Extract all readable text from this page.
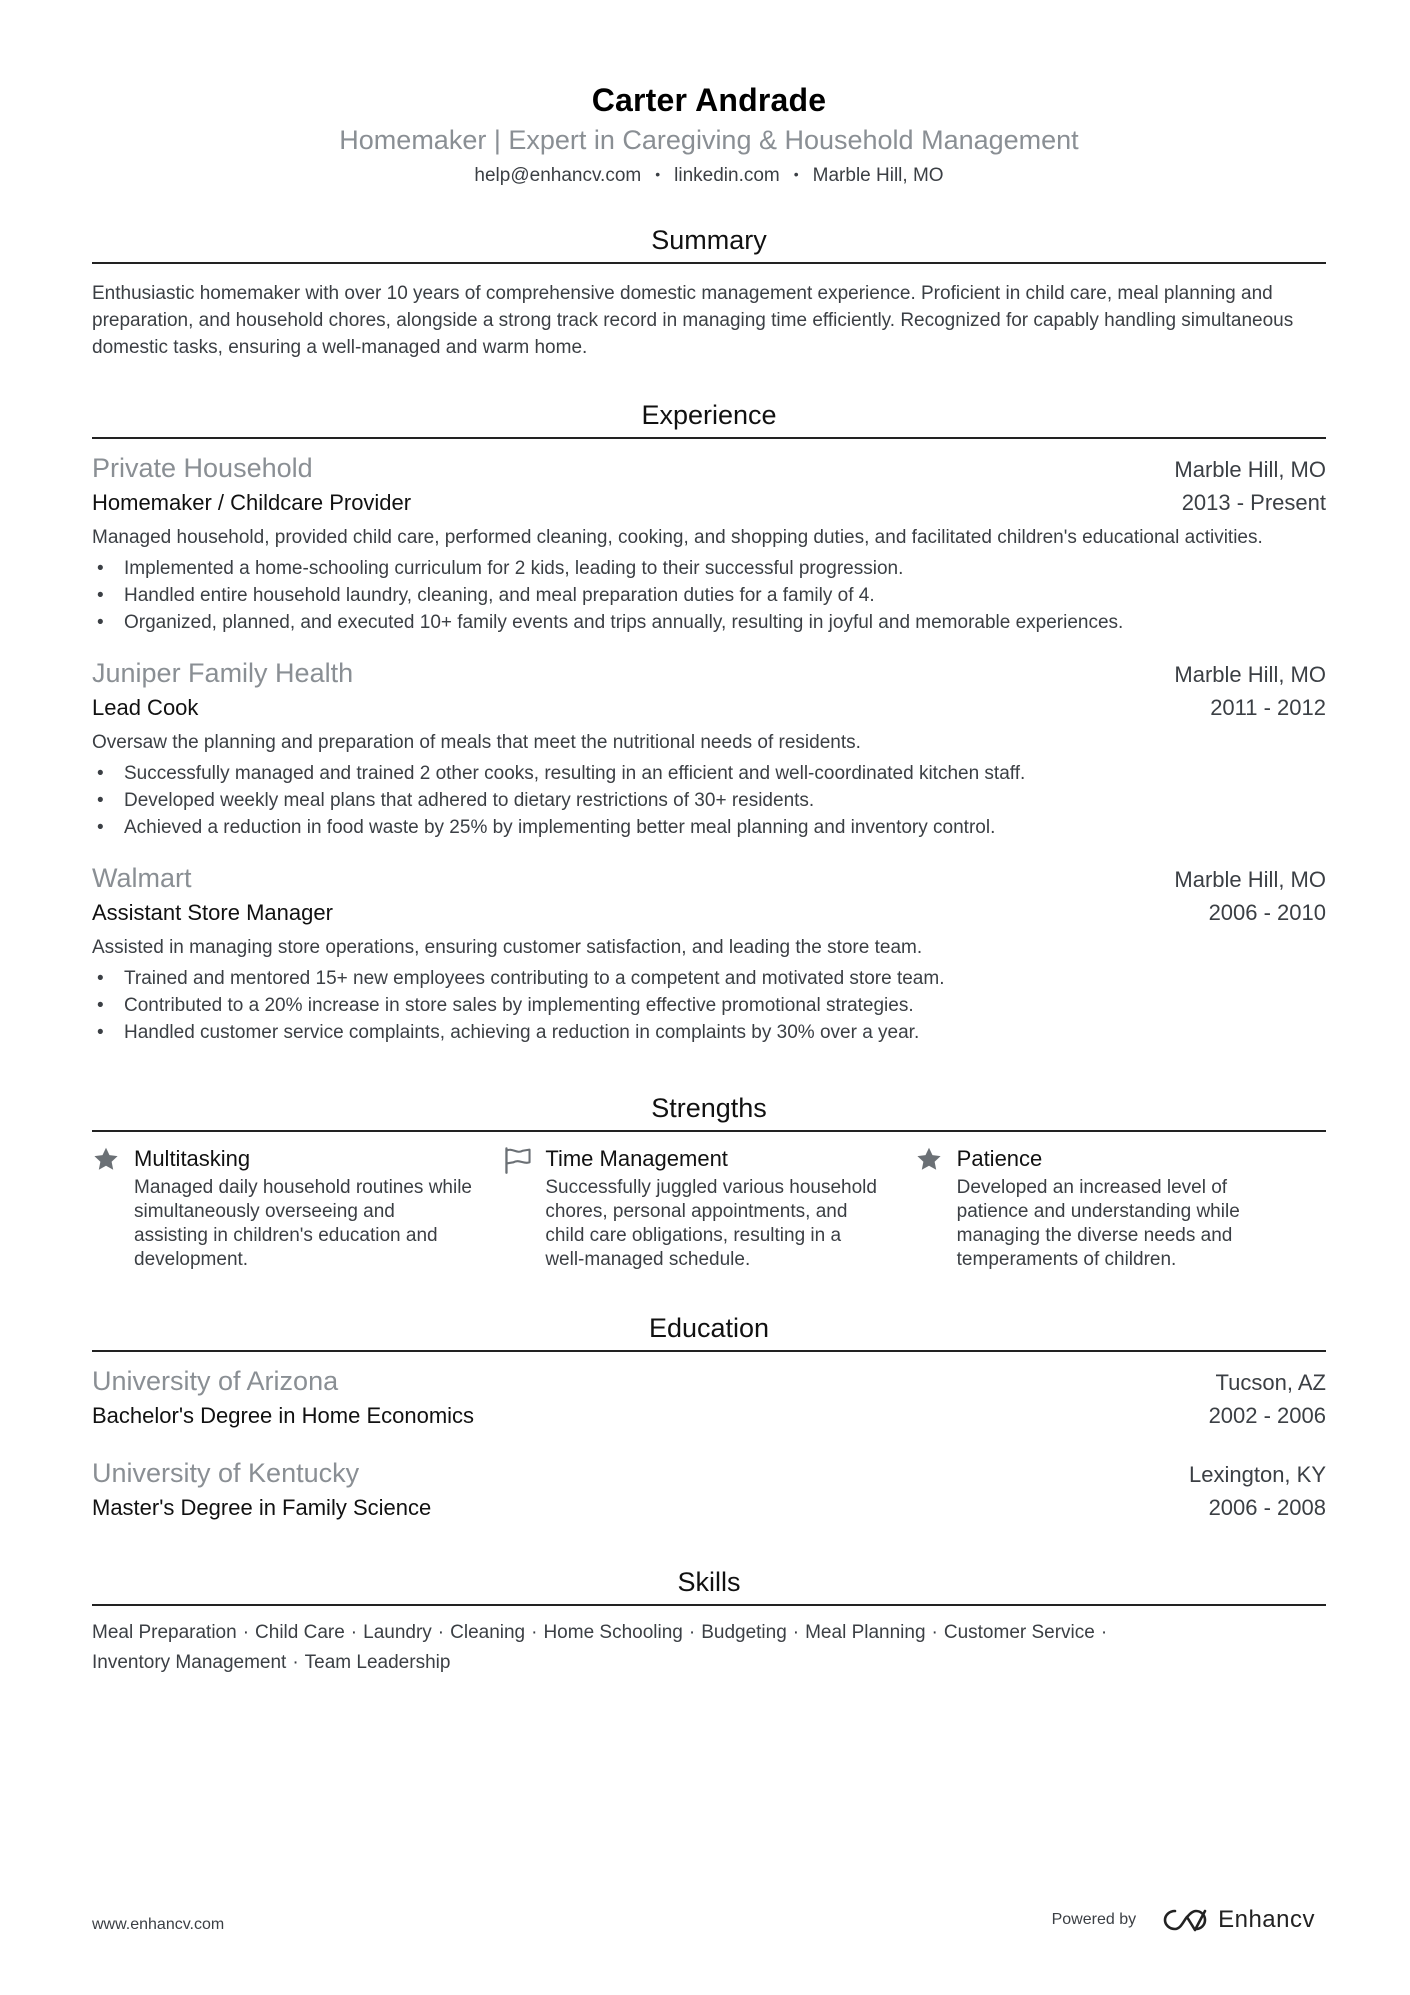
Carter Andrade
Homemaker | Expert in Caregiving & Household Management
help@enhancv.com • linkedin.com • Marble Hill, MO
Summary
Enthusiastic homemaker with over 10 years of comprehensive domestic management experience. Proficient in child care, meal planning and preparation, and household chores, alongside a strong track record in managing time efficiently. Recognized for capably handling simultaneous domestic tasks, ensuring a well-managed and warm home.
Experience
Private Household	Marble Hill, MO
Homemaker / Childcare Provider	2013 - Present
Managed household, provided child care, performed cleaning, cooking, and shopping duties, and facilitated children's educational activities.
• Implemented a home-schooling curriculum for 2 kids, leading to their successful progression.
• Handled entire household laundry, cleaning, and meal preparation duties for a family of 4.
• Organized, planned, and executed 10+ family events and trips annually, resulting in joyful and memorable experiences.
Juniper Family Health	Marble Hill, MO
Lead Cook	2011 - 2012
Oversaw the planning and preparation of meals that meet the nutritional needs of residents.
• Successfully managed and trained 2 other cooks, resulting in an efficient and well-coordinated kitchen staff.
• Developed weekly meal plans that adhered to dietary restrictions of 30+ residents.
• Achieved a reduction in food waste by 25% by implementing better meal planning and inventory control.
Walmart	Marble Hill, MO
Assistant Store Manager	2006 - 2010
Assisted in managing store operations, ensuring customer satisfaction, and leading the store team.
• Trained and mentored 15+ new employees contributing to a competent and motivated store team.
• Contributed to a 20% increase in store sales by implementing effective promotional strategies.
• Handled customer service complaints, achieving a reduction in complaints by 30% over a year.
Strengths
Multitasking
Managed daily household routines while simultaneously overseeing and assisting in children's education and development.
Time Management
Successfully juggled various household chores, personal appointments, and child care obligations, resulting in a well-managed schedule.
Patience
Developed an increased level of patience and understanding while managing the diverse needs and temperaments of children.
Education
University of Arizona	Tucson, AZ
Bachelor's Degree in Home Economics	2002 - 2006
University of Kentucky	Lexington, KY
Master's Degree in Family Science	2006 - 2008
Skills
Meal Preparation · Child Care · Laundry · Cleaning · Home Schooling · Budgeting · Meal Planning · Customer Service ·
Inventory Management · Team Leadership
www.enhancv.com	Powered by	Enhancv
